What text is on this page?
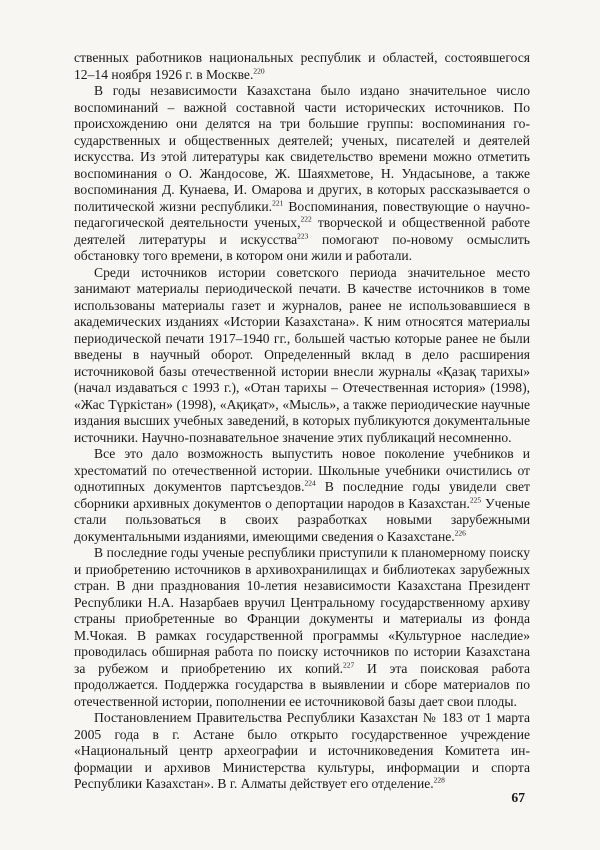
ственных работников национальных республик и областей, состоявшегося 12–14 ноября 1926 г. в Москве.$^{220}$

В годы независимости Казахстана было издано значительное число воспоминаний – важной составной части исторических источников. По происхождению они делятся на три большие группы: воспоминания государственных и общественных деятелей; ученых, писателей и деятелей искусства. Из этой литературы как свидетельство времени можно отметить воспоминания о О. Жандосове, Ж. Шаяхметове, Н. Ундасынове, а также воспоминания Д. Кунаева, И. Омарова и других, в которых рассказывается о политической жизни республики.$^{221}$ Воспоминания, повествующие о научно-педагогической деятельности ученых,$^{222}$ творческой и общественной работе деятелей литературы и искусства$^{223}$ помогают по-новому осмыслить обстановку того времени, в котором они жили и работали.

Среди источников истории советского периода значительное место занимают материалы периодической печати. В качестве источников в томе использованы материалы газет и журналов, ранее не использовавшиеся в академических изданиях «Истории Казахстана». К ним относятся материалы периодической печати 1917–1940 гг., большей частью которые ранее не были введены в научный оборот. Определенный вклад в дело расширения источниковой базы отечественной истории внесли журналы «Қазақ тарихы» (начал издаваться с 1993 г.), «Отан тарихы – Отечественная история» (1998), «Жас Түркістан» (1998), «Ақиқат», «Мысль», а также периодические научные издания высших учебных заведений, в которых публикуются документальные источники. Научно-познавательное значение этих публикаций несомненно.

Все это дало возможность выпустить новое поколение учебников и хрестоматий по отечественной истории. Школьные учебники очистились от однотипных документов партсъездов.$^{224}$ В последние годы увидели свет сборники архивных документов о депортации народов в Казахстан.$^{225}$ Ученые стали пользоваться в своих разработках новыми зарубежными документальными изданиями, имеющими сведения о Казахстане.$^{226}$

В последние годы ученые республики приступили к планомерному поиску и приобретению источников в архивохранилищах и библиотеках зарубежных стран. В дни празднования 10-летия независимости Казахстана Президент Республики Н.А. Назарбаев вручил Центральному государственному архиву страны приобретенные во Франции документы и материалы из фонда М.Чокая. В рамках государственной программы «Культурное наследие» проводилась обширная работа по поиску источников по истории Казахстана за рубежом и приобретению их копий.$^{227}$ И эта поисковая работа продолжается. Поддержка государства в выявлении и сборе материалов по отечественной истории, пополнении ее источниковой базы дает свои плоды.

Постановлением Правительства Республики Казахстан № 183 от 1 марта 2005 года в г. Астане было открыто государственное учреждение «Национальный центр археографии и источниковедения Комитета информации и архивов Министерства культуры, информации и спорта Республики Казахстан». В г. Алматы действует его отделение.$^{228}$

67
